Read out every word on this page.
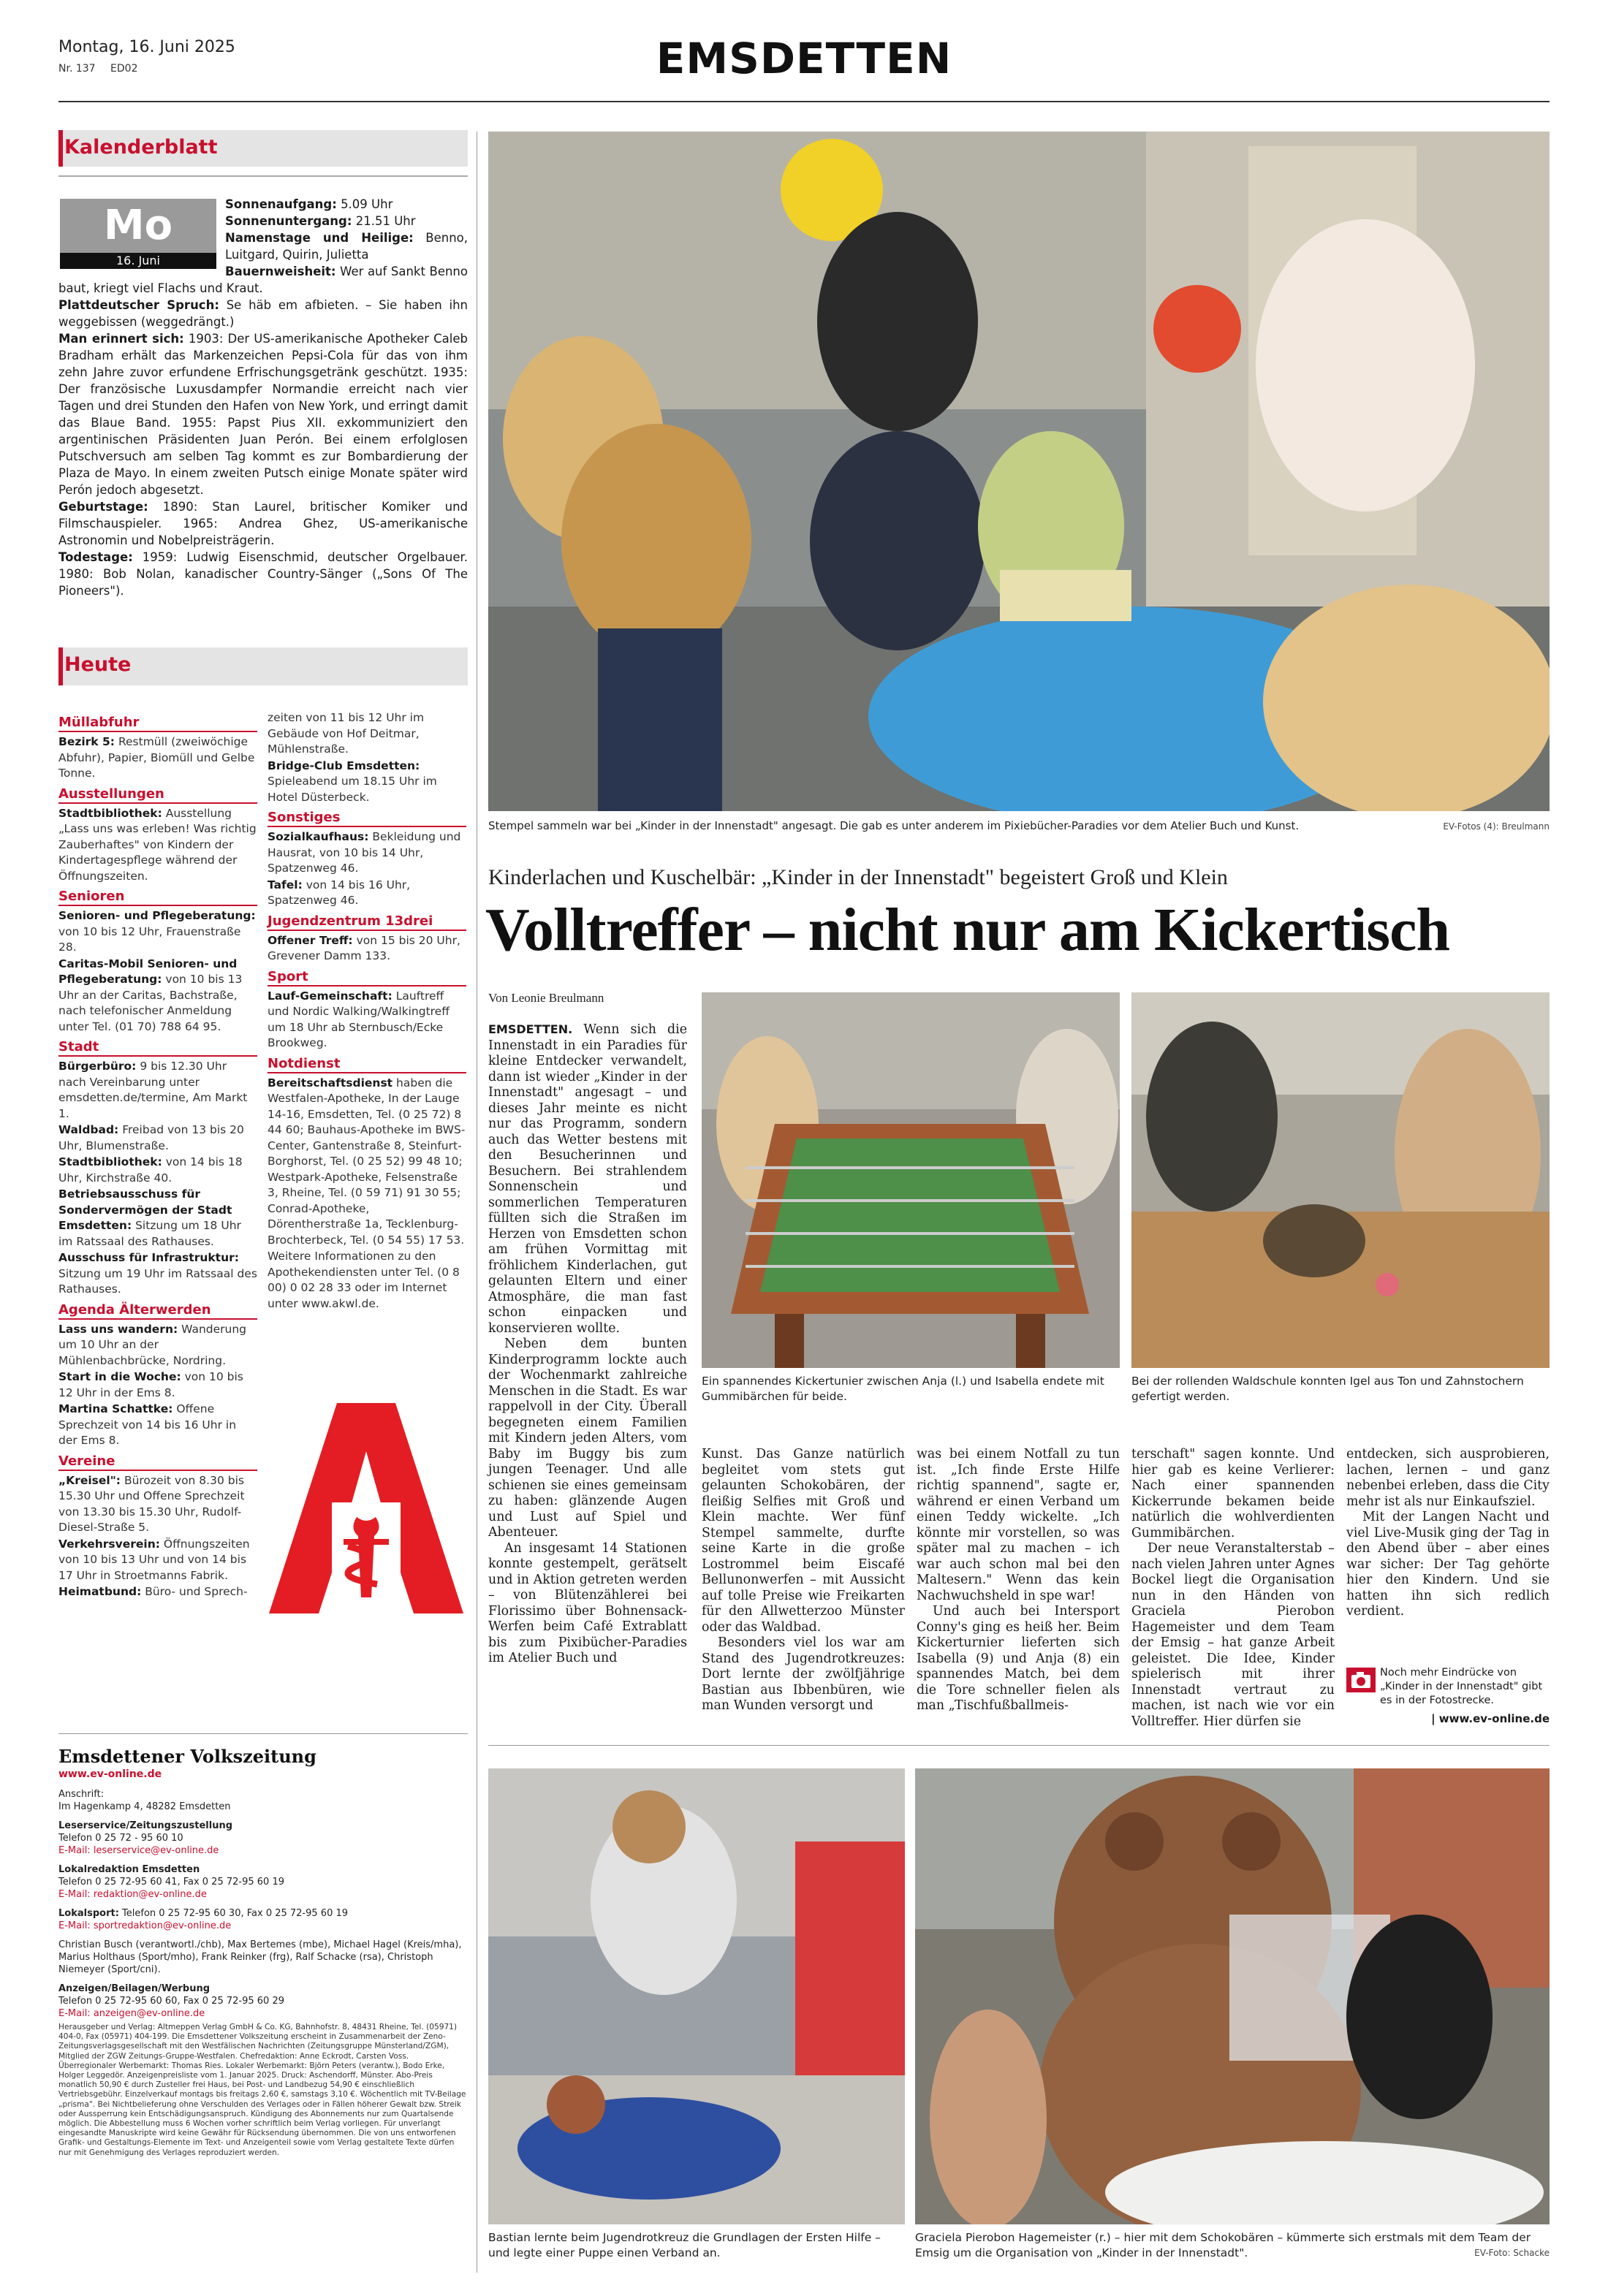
Montag, 16. Juni 2025
Nr. 137 ED02	EMSDETTEN
Kalenderblatt
Mo
16. Juni
Sonnenaufgang: 5.09 Uhr
Sonnenuntergang: 21.51 Uhr
Namenstage und Heilige: Benno, Luitgard, Quirin, Julietta
Bauernweisheit: Wer auf Sankt Benno baut, kriegt viel Flachs und Kraut.
Plattdeutscher Spruch: Se häb em afbieten. – Sie haben ihn weggebissen (weggedrängt.)
Man erinnert sich: 1903: Der US-amerikanische Apotheker Caleb Bradham erhält das Markenzeichen Pepsi-Cola für das von ihm zehn Jahre zuvor erfundene Erfrischungsgetränk geschützt. 1935: Der französische Luxusdampfer Normandie erreicht nach vier Tagen und drei Stunden den Hafen von New York, und erringt damit das Blaue Band. 1955: Papst Pius XII. exkommuniziert den argentinischen Präsidenten Juan Perón. Bei einem erfolglosen Putschversuch am selben Tag kommt es zur Bombardierung der Plaza de Mayo. In einem zweiten Putsch einige Monate später wird Perón jedoch abgesetzt.
Geburtstage: 1890: Stan Laurel, britischer Komiker und Filmschauspieler. 1965: Andrea Ghez, US-amerikanische Astronomin und Nobelpreisträgerin.
Todestage: 1959: Ludwig Eisenschmid, deutscher Orgelbauer. 1980: Bob Nolan, kanadischer Country-Sänger („Sons Of The Pioneers").
Heute
Müllabfuhr
Bezirk 5: Restmüll (zweiwöchige Abfuhr), Papier, Biomüll und Gelbe Tonne.
Ausstellungen
Stadtbibliothek: Ausstellung „Lass uns was erleben! Was richtig Zauberhaftes" von Kindern der Kindertagespflege während der Öffnungszeiten.
Senioren
Senioren- und Pflegeberatung: von 10 bis 12 Uhr, Frauenstraße 28.
Caritas-Mobil Senioren- und Pflegeberatung: von 10 bis 13 Uhr an der Caritas, Bachstraße, nach telefonischer Anmeldung unter Tel. (01 70) 788 64 95.
Stadt
Bürgerbüro: 9 bis 12.30 Uhr nach Vereinbarung unter emsdetten.de/termine, Am Markt 1.
Waldbad: Freibad von 13 bis 20 Uhr, Blumenstraße.
Stadtbibliothek: von 14 bis 18 Uhr, Kirchstraße 40.
Betriebsausschuss für Sondervermögen der Stadt Emsdetten: Sitzung um 18 Uhr im Ratssaal des Rathauses.
Ausschuss für Infrastruktur: Sitzung um 19 Uhr im Ratssaal des Rathauses.
Agenda Älterwerden
Lass uns wandern: Wanderung um 10 Uhr an der Mühlenbachbrücke, Nordring.
Start in die Woche: von 10 bis 12 Uhr in der Ems 8.
Martina Schattke: Offene Sprechzeit von 14 bis 16 Uhr in der Ems 8.
Vereine
„Kreisel": Bürozeit von 8.30 bis 15.30 Uhr und Offene Sprechzeit von 13.30 bis 15.30 Uhr, Rudolf-Diesel-Straße 5.
Verkehrsverein: Öffnungszeiten von 10 bis 13 Uhr und von 14 bis 17 Uhr in Stroetmanns Fabrik.
Heimatbund: Büro- und Sprech-
zeiten von 11 bis 12 Uhr im Gebäude von Hof Deitmar, Mühlenstraße.
Bridge-Club Emsdetten: Spieleabend um 18.15 Uhr im Hotel Düsterbeck.
Sonstiges
Sozialkaufhaus: Bekleidung und Hausrat, von 10 bis 14 Uhr, Spatzenweg 46.
Tafel: von 14 bis 16 Uhr, Spatzenweg 46.
Jugendzentrum 13drei
Offener Treff: von 15 bis 20 Uhr, Grevener Damm 133.
Sport
Lauf-Gemeinschaft: Lauftreff und Nordic Walking/Walkingtreff um 18 Uhr ab Sternbusch/Ecke Brookweg.
Notdienst
Bereitschaftsdienst haben die Westfalen-Apotheke, In der Lauge 14-16, Emsdetten, Tel. (0 25 72) 8 44 60; Bauhaus-Apotheke im BWS-Center, Gantenstraße 8, Steinfurt-Borghorst, Tel. (0 25 52) 99 48 10; Westpark-Apotheke, Felsenstraße 3, Rheine, Tel. (0 59 71) 91 30 55; Conrad-Apotheke, Dörentherstraße 1a, Tecklenburg-Brochterbeck, Tel. (0 54 55) 17 53.
Weitere Informationen zu den Apothekendiensten unter Tel. (0 8 00) 0 02 28 33 oder im Internet unter www.akwl.de.
Emsdettener Volkszeitung
www.ev-online.de
Anschrift:
Im Hagenkamp 4, 48282 Emsdetten
Leserservice/Zeitungszustellung
Telefon 0 25 72 - 95 60 10
E-Mail: leserservice@ev-online.de
Lokalredaktion Emsdetten
Telefon 0 25 72-95 60 41, Fax 0 25 72-95 60 19
E-Mail: redaktion@ev-online.de
Lokalsport: Telefon 0 25 72-95 60 30, Fax 0 25 72-95 60 19
E-Mail: sportredaktion@ev-online.de
Christian Busch (verantwortl./chb), Max Bertemes (mbe), Michael Hagel (Kreis/mha), Marius Holthaus (Sport/mho), Frank Reinker (frg), Ralf Schacke (rsa), Christoph Niemeyer (Sport/cni).
Anzeigen/Beilagen/Werbung
Telefon 0 25 72-95 60 60, Fax 0 25 72-95 60 29
E-Mail: anzeigen@ev-online.de
Herausgeber und Verlag: Altmeppen Verlag GmbH & Co. KG, Bahnhofstr. 8, 48431 Rheine, Tel. (05971) 404-0, Fax (05971) 404-199. Die Emsdettener Volkszeitung erscheint in Zusammenarbeit der Zeno-Zeitungsverlagsgesellschaft mit den Westfälischen Nachrichten (Zeitungsgruppe Münsterland/ZGM), Mitglied der ZGW Zeitungs-Gruppe-Westfalen. Chefredaktion: Anne Eckrodt, Carsten Voss. Überregionaler Werbemarkt: Thomas Ries. Lokaler Werbemarkt: Björn Peters (verantw.), Bodo Erke, Holger Leggedör. Anzeigenpreisliste vom 1. Januar 2025. Druck: Aschendorff, Münster. Abo-Preis monatlich 50,90 € durch Zusteller frei Haus, bei Post- und Landbezug 54,90 € einschließlich Vertriebsgebühr. Einzelverkauf montags bis freitags 2,60 €, samstags 3,10 €. Wöchentlich mit TV-Beilage „prisma". Bei Nichtbelieferung ohne Verschulden des Verlages oder in Fällen höherer Gewalt bzw. Streik oder Aussperrung kein Entschädigungsanspruch. Kündigung des Abonnements nur zum Quartalsende möglich. Die Abbestellung muss 6 Wochen vorher schriftlich beim Verlag vorliegen. Für unverlangt eingesandte Manuskripte wird keine Gewähr für Rücksendung übernommen. Die von uns entworfenen Grafik- und Gestaltungs-Elemente im Text- und Anzeigenteil sowie vom Verlag gestaltete Texte dürfen nur mit Genehmigung des Verlages reproduziert werden.
Stempel sammeln war bei „Kinder in der Innenstadt" angesagt. Die gab es unter anderem im Pixiebücher-Paradies vor dem Atelier Buch und Kunst.	EV-Fotos (4): Breulmann
Kinderlachen und Kuschelbär: „Kinder in der Innenstadt" begeistert Groß und Klein
Volltreffer – nicht nur am Kickertisch
Von Leonie Breulmann

EMSDETTEN. Wenn sich die Innenstadt in ein Paradies für kleine Entdecker verwandelt, dann ist wieder „Kinder in der Innenstadt" angesagt – und dieses Jahr meinte es nicht nur das Programm, sondern auch das Wetter bestens mit den Besucherinnen und Besuchern. Bei strahlendem Sonnenschein und sommerlichen Temperaturen füllten sich die Straßen im Herzen von Emsdetten schon am frühen Vormittag mit fröhlichem Kinderlachen, gut gelaunten Eltern und einer Atmosphäre, die man fast schon einpacken und konservieren wollte.

Neben dem bunten Kinderprogramm lockte auch der Wochenmarkt zahlreiche Menschen in die Stadt. Es war rappelvoll in der City. Überall begegneten einem Familien mit Kindern jeden Alters, vom Baby im Buggy bis zum jungen Teenager. Und alle schienen sie eines gemeinsam zu haben: glänzende Augen und Lust auf Spiel und Abenteuer.

An insgesamt 14 Stationen konnte gestempelt, gerätselt und in Aktion getreten werden – von Blütenzählerei bei Florissimo über Bohnensack-Werfen beim Café Extrablatt bis zum Pixibücher-Paradies im Atelier Buch und

Ein spannendes Kickertunier zwischen Anja (l.) und Isabella endete mit Gummibärchen für beide.
Bei der rollenden Waldschule konnten Igel aus Ton und Zahnstochern gefertigt werden.

Kunst. Das Ganze natürlich begleitet vom stets gut gelaunten Schokobären, der fleißig Selfies mit Groß und Klein machte. Wer fünf Stempel sammelte, durfte seine Karte in die große Lostrommel beim Eiscafé Bellunonwerfen – mit Aussicht auf tolle Preise wie Freikarten für den Allwetterzoo Münster oder das Waldbad.

Besonders viel los war am Stand des Jugendrotkreuzes: Dort lernte der zwölfjährige Bastian aus Ibbenbüren, wie man Wunden versorgt und

was bei einem Notfall zu tun ist. „Ich finde Erste Hilfe richtig spannend", sagte er, während er einen Verband um einen Teddy wickelte. „Ich könnte mir vorstellen, so was später mal zu machen – ich war auch schon mal bei den Maltesern." Wenn das kein Nachwuchsheld in spe war!

Und auch bei Intersport Conny's ging es heiß her. Beim Kickerturnier lieferten sich Isabella (9) und Anja (8) ein spannendes Match, bei dem die Tore schneller fielen als man „Tischfußballmeis-

terschaft" sagen konnte. Und hier gab es keine Verlierer: Nach einer spannenden Kickerrunde bekamen beide natürlich die wohlverdienten Gummibärchen.

Der neue Veranstalterstab – nach vielen Jahren unter Agnes Bockel liegt die Organisation nun in den Händen von Graciela Pierobon Hagemeister und dem Team der Emsig – hat ganze Arbeit geleistet. Die Idee, Kinder spielerisch mit ihrer Innenstadt vertraut zu machen, ist nach wie vor ein Volltreffer. Hier dürfen sie

entdecken, sich ausprobieren, lachen, lernen – und ganz nebenbei erleben, dass die City mehr ist als nur Einkaufsziel.

Mit der Langen Nacht und viel Live-Musik ging der Tag in den Abend über – aber eines war sicher: Der Tag gehörte hier den Kindern. Und sie hatten ihn sich redlich verdient.

Noch mehr Eindrücke von „Kinder in der Innenstadt" gibt es in der Fotostrecke.
| www.ev-online.de
Bastian lernte beim Jugendrotkreuz die Grundlagen der Ersten Hilfe – und legte einer Puppe einen Verband an.
Graciela Pierobon Hagemeister (r.) – hier mit dem Schokobären – kümmerte sich erstmals mit dem Team der Emsig um die Organisation von „Kinder in der Innenstadt".	EV-Foto: Schacke
